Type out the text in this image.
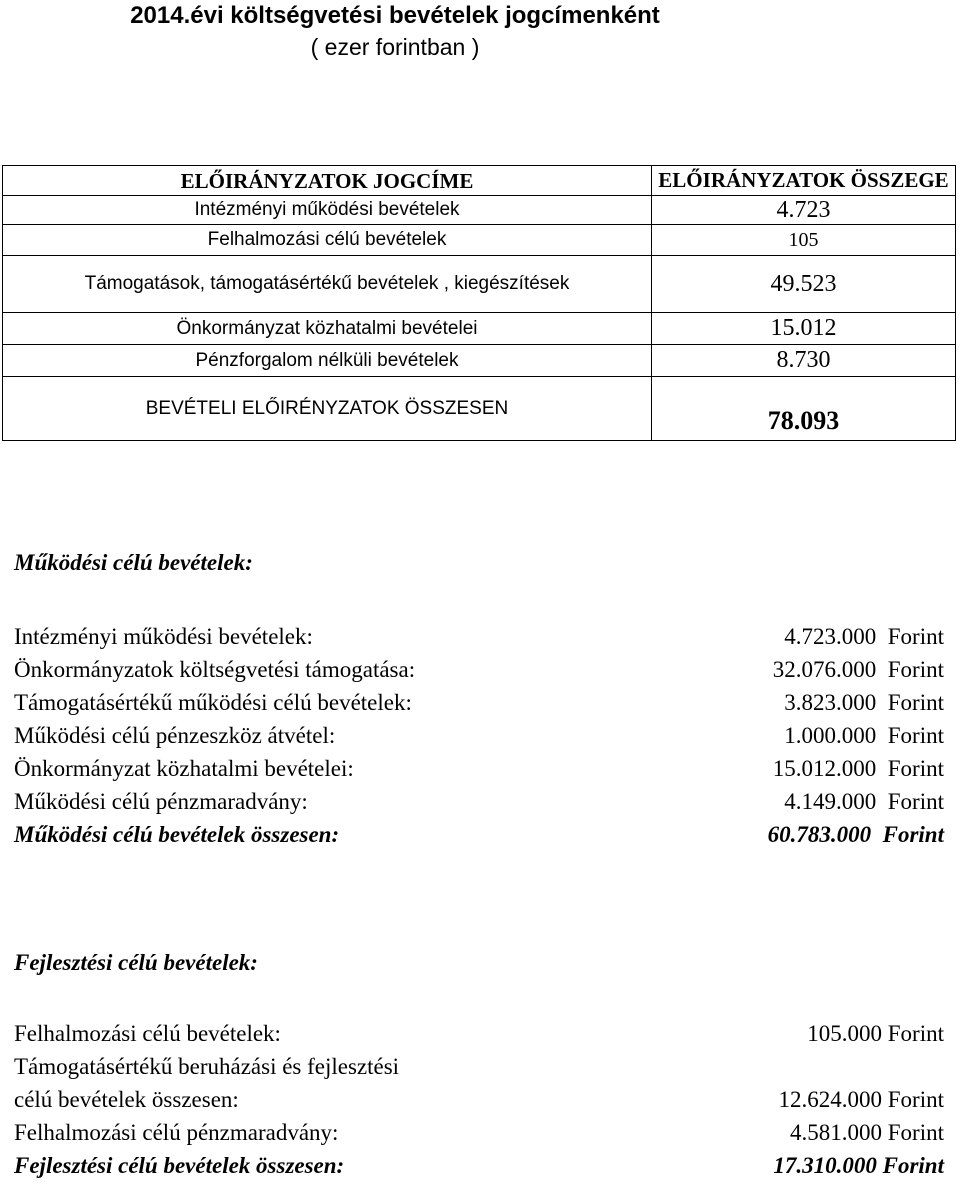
2014.évi költségvetési bevételek jogcímenként
( ezer forintban )
ELŐIRÁNYZATOK JOGCÍME	ELŐIRÁNYZATOK ÖSSZEGE
Intézményi működési bevételek	4.723
Felhalmozási célú bevételek	105
Támogatások, támogatásértékű bevételek , kiegészítések	49.523
Önkormányzat közhatalmi bevételei	15.012
Pénzforgalom nélküli bevételek	8.730
BEVÉTELI ELŐIRÉNYZATOK ÖSSZESEN	78.093
Működési célú bevételek:
Intézményi működési bevételek:	4.723.000  Forint
Önkormányzatok költségvetési támogatása:	32.076.000  Forint
Támogatásértékű működési célú bevételek:	3.823.000  Forint
Működési célú pénzeszköz átvétel:	1.000.000  Forint
Önkormányzat közhatalmi bevételei:	15.012.000  Forint
Működési célú pénzmaradvány:	4.149.000  Forint
Működési célú bevételek összesen:	60.783.000  Forint
Fejlesztési célú bevételek:
Felhalmozási célú bevételek:	105.000 Forint
Támogatásértékű beruházási és fejlesztési
célú bevételek összesen:	12.624.000 Forint
Felhalmozási célú pénzmaradvány:	4.581.000 Forint
Fejlesztési célú bevételek összesen:	17.310.000 Forint
